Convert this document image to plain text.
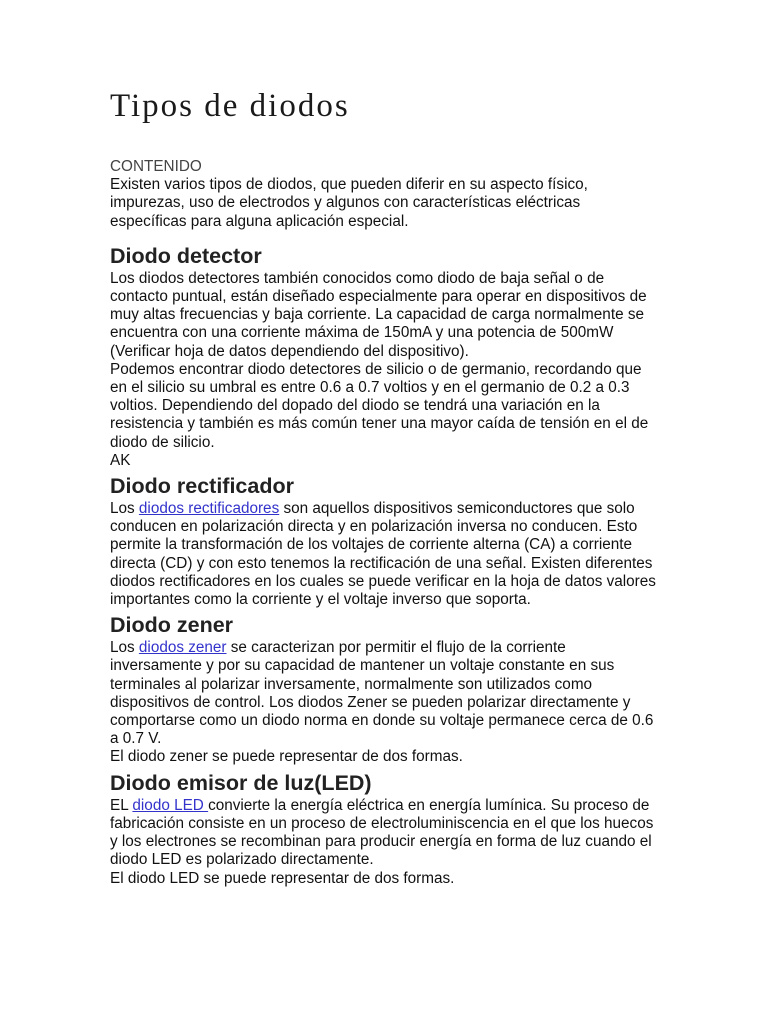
Tipos de diodos

CONTENIDO

Existen varios tipos de diodos, que pueden diferir en su aspecto físico, impurezas, uso de electrodos y algunos con características eléctricas específicas para alguna aplicación especial.

Diodo detector

Los diodos detectores también conocidos como diodo de baja señal o de contacto puntual, están diseñado especialmente para operar en dispositivos de muy altas frecuencias y baja corriente. La capacidad de carga normalmente se encuentra con una corriente máxima de 150mA y una potencia de 500mW (Verificar hoja de datos dependiendo del dispositivo).

Podemos encontrar diodo detectores de silicio o de germanio, recordando que en el silicio su umbral es entre 0.6 a 0.7 voltios y en el germanio de 0.2 a 0.3 voltios. Dependiendo del dopado del diodo se tendrá una variación en la resistencia y también es más común tener una mayor caída de tensión en el de diodo de silicio.

AK

Diodo rectificador

Los diodos rectificadores son aquellos dispositivos semiconductores que solo conducen en polarización directa y en polarización inversa no conducen. Esto permite la transformación de los voltajes de corriente alterna (CA) a corriente directa (CD) y con esto tenemos la rectificación de una señal. Existen diferentes diodos rectificadores en los cuales se puede verificar en la hoja de datos valores importantes como la corriente y el voltaje inverso que soporta.

Diodo zener

Los diodos zener se caracterizan por permitir el flujo de la corriente inversamente y por su capacidad de mantener un voltaje constante en sus terminales al polarizar inversamente, normalmente son utilizados como dispositivos de control. Los diodos Zener se pueden polarizar directamente y comportarse como un diodo norma en donde su voltaje permanece cerca de 0.6 a 0.7 V.

El diodo zener se puede representar de dos formas.

Diodo emisor de luz(LED)

EL diodo LED convierte la energía eléctrica en energía lumínica. Su proceso de fabricación consiste en un proceso de electroluminiscencia en el que los huecos y los electrones se recombinan para producir energía en forma de luz cuando el diodo LED es polarizado directamente.

El diodo LED se puede representar de dos formas.
